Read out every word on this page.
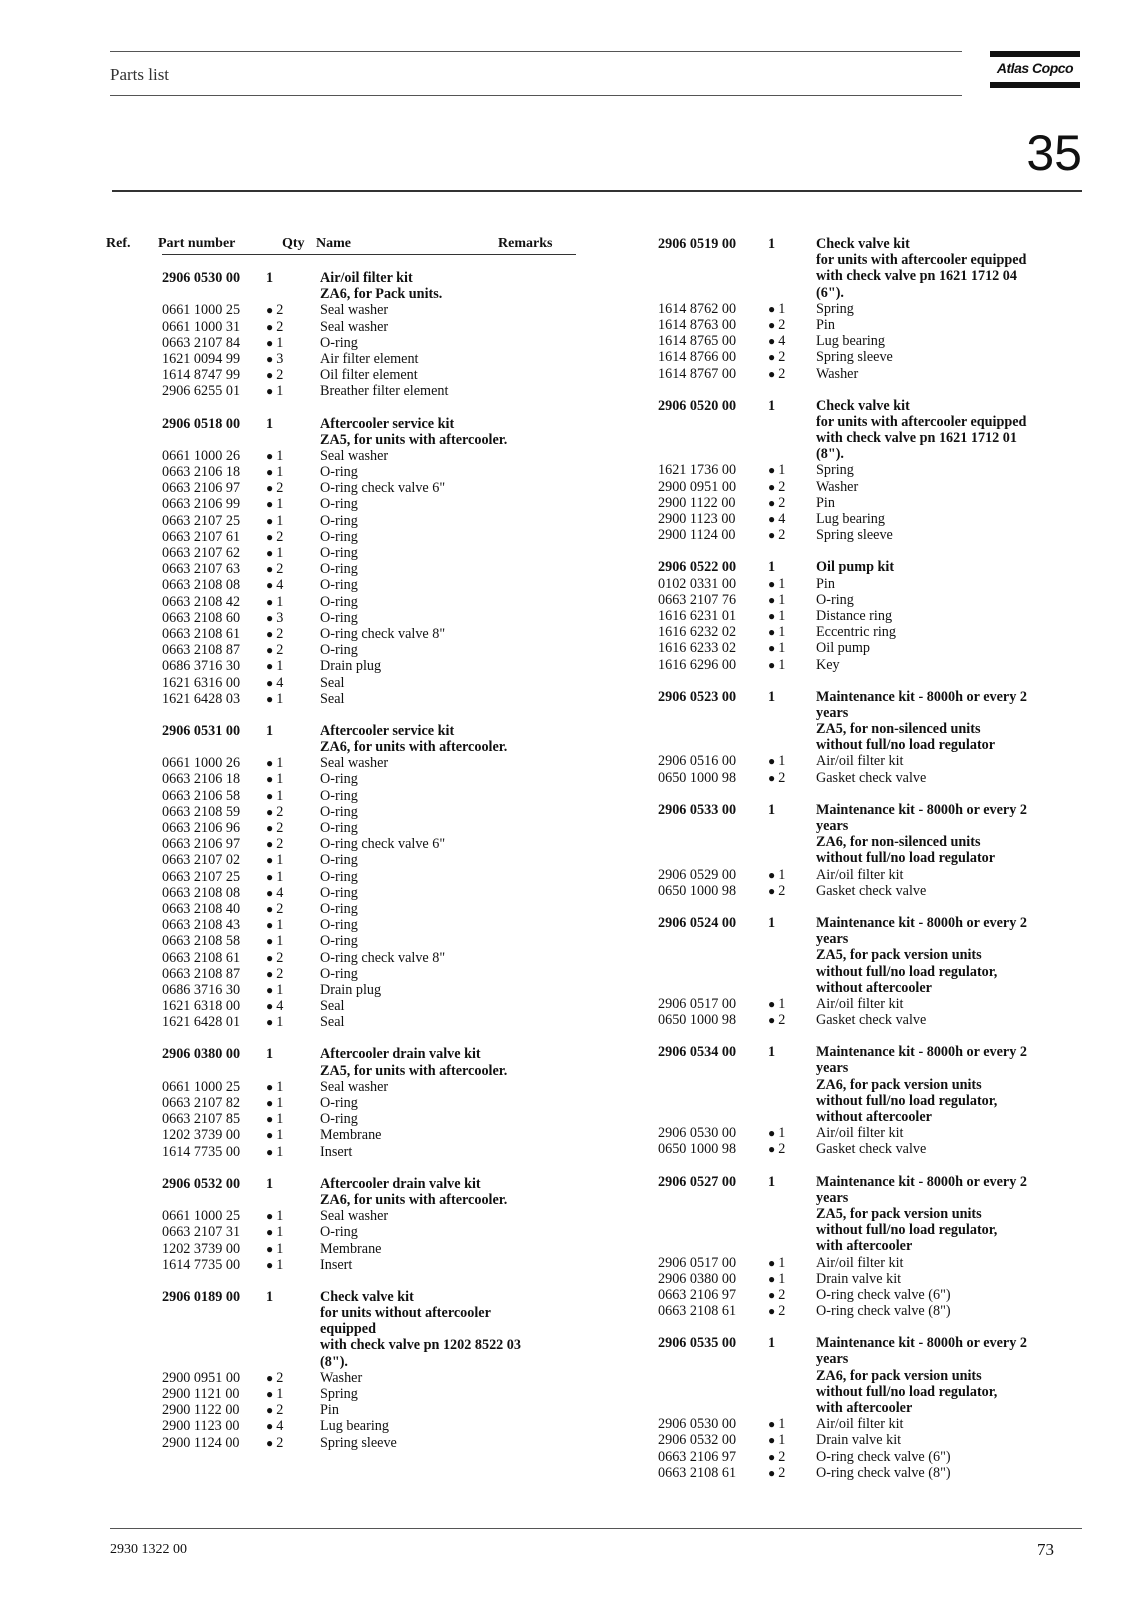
Parts list	Atlas Copco
35
Ref. Part number	Qty Name	Remarks
2906 0530 00 1	Air/oil filter kit
ZA6, for Pack units.
0661 1000 25 ● 2	Seal washer
0661 1000 31 ● 2	Seal washer
0663 2107 84 ● 1	O-ring
1621 0094 99 ● 3	Air filter element
1614 8747 99 ● 2	Oil filter element
2906 6255 01 ● 1	Breather filter element
2906 0518 00 1	Aftercooler service kit
ZA5, for units with aftercooler.
0661 1000 26 ● 1	Seal washer
0663 2106 18 ● 1	O-ring
0663 2106 97 ● 2	O-ring check valve 6"
0663 2106 99 ● 1	O-ring
0663 2107 25 ● 1	O-ring
0663 2107 61 ● 2	O-ring
0663 2107 62 ● 1	O-ring
0663 2107 63 ● 2	O-ring
0663 2108 08 ● 4	O-ring
0663 2108 42 ● 1	O-ring
0663 2108 60 ● 3	O-ring
0663 2108 61 ● 2	O-ring check valve 8"
0663 2108 87 ● 2	O-ring
0686 3716 30 ● 1	Drain plug
1621 6316 00 ● 4	Seal
1621 6428 03 ● 1	Seal
2906 0531 00 1	Aftercooler service kit
ZA6, for units with aftercooler.
0661 1000 26 ● 1	Seal washer
0663 2106 18 ● 1	O-ring
0663 2106 58 ● 1	O-ring
0663 2108 59 ● 2	O-ring
0663 2106 96 ● 2	O-ring
0663 2106 97 ● 2	O-ring check valve 6"
0663 2107 02 ● 1	O-ring
0663 2107 25 ● 1	O-ring
0663 2108 08 ● 4	O-ring
0663 2108 40 ● 2	O-ring
0663 2108 43 ● 1	O-ring
0663 2108 58 ● 1	O-ring
0663 2108 61 ● 2	O-ring check valve 8"
0663 2108 87 ● 2	O-ring
0686 3716 30 ● 1	Drain plug
1621 6318 00 ● 4	Seal
1621 6428 01 ● 1	Seal
2906 0380 00 1	Aftercooler drain valve kit
ZA5, for units with aftercooler.
0661 1000 25 ● 1	Seal washer
0663 2107 82 ● 1	O-ring
0663 2107 85 ● 1	O-ring
1202 3739 00 ● 1	Membrane
1614 7735 00 ● 1	Insert
2906 0532 00 1	Aftercooler drain valve kit
ZA6, for units with aftercooler.
0661 1000 25 ● 1	Seal washer
0663 2107 31 ● 1	O-ring
1202 3739 00 ● 1	Membrane
1614 7735 00 ● 1	Insert
2906 0189 00 1	Check valve kit
for units without aftercooler
equipped
with check valve pn 1202 8522 03
(8").
2900 0951 00 ● 2	Washer
2900 1121 00 ● 1	Spring
2900 1122 00 ● 2	Pin
2900 1123 00 ● 4	Lug bearing
2900 1124 00 ● 2	Spring sleeve
2906 0519 00 1	Check valve kit
for units with aftercooler equipped
with check valve pn 1621 1712 04
(6").
1614 8762 00	● 1 Spring
1614 8763 00	● 2 Pin
1614 8765 00	● 4 Lug bearing
1614 8766 00	● 2 Spring sleeve
1614 8767 00	● 2 Washer
2906 0520 00 1	Check valve kit
for units with aftercooler equipped
with check valve pn 1621 1712 01
(8").
1621 1736 00	● 1 Spring
2900 0951 00	● 2 Washer
2900 1122 00	● 2 Pin
2900 1123 00	● 4 Lug bearing
2900 1124 00	● 2 Spring sleeve
2906 0522 00 1	Oil pump kit
0102 0331 00	● 1 Pin
0663 2107 76	● 1 O-ring
1616 6231 01	● 1 Distance ring
1616 6232 02	● 1 Eccentric ring
1616 6233 02	● 1 Oil pump
1616 6296 00	● 1 Key
2906 0523 00 1	Maintenance kit - 8000h or every 2
years
ZA5, for non-silenced units
without full/no load regulator
2906 0516 00	● 1 Air/oil filter kit
0650 1000 98	● 2 Gasket check valve
2906 0533 00 1	Maintenance kit - 8000h or every 2
years
ZA6, for non-silenced units
without full/no load regulator
2906 0529 00	● 1 Air/oil filter kit
0650 1000 98	● 2 Gasket check valve
2906 0524 00 1	Maintenance kit - 8000h or every 2
years
ZA5, for pack version units
without full/no load regulator,
without aftercooler
2906 0517 00	● 1 Air/oil filter kit
0650 1000 98	● 2 Gasket check valve
2906 0534 00 1	Maintenance kit - 8000h or every 2
years
ZA6, for pack version units
without full/no load regulator,
without aftercooler
2906 0530 00	● 1 Air/oil filter kit
0650 1000 98	● 2 Gasket check valve
2906 0527 00 1	Maintenance kit - 8000h or every 2
years
ZA5, for pack version units
without full/no load regulator,
with aftercooler
2906 0517 00	● 1 Air/oil filter kit
2906 0380 00	● 1 Drain valve kit
0663 2106 97	● 2 O-ring check valve (6")
0663 2108 61	● 2 O-ring check valve (8")
2906 0535 00 1	Maintenance kit - 8000h or every 2
years
ZA6, for pack version units
without full/no load regulator,
with aftercooler
2906 0530 00	● 1 Air/oil filter kit
2906 0532 00	● 1 Drain valve kit
0663 2106 97	● 2 O-ring check valve (6")
0663 2108 61	● 2 O-ring check valve (8")
2930 1322 00	73
